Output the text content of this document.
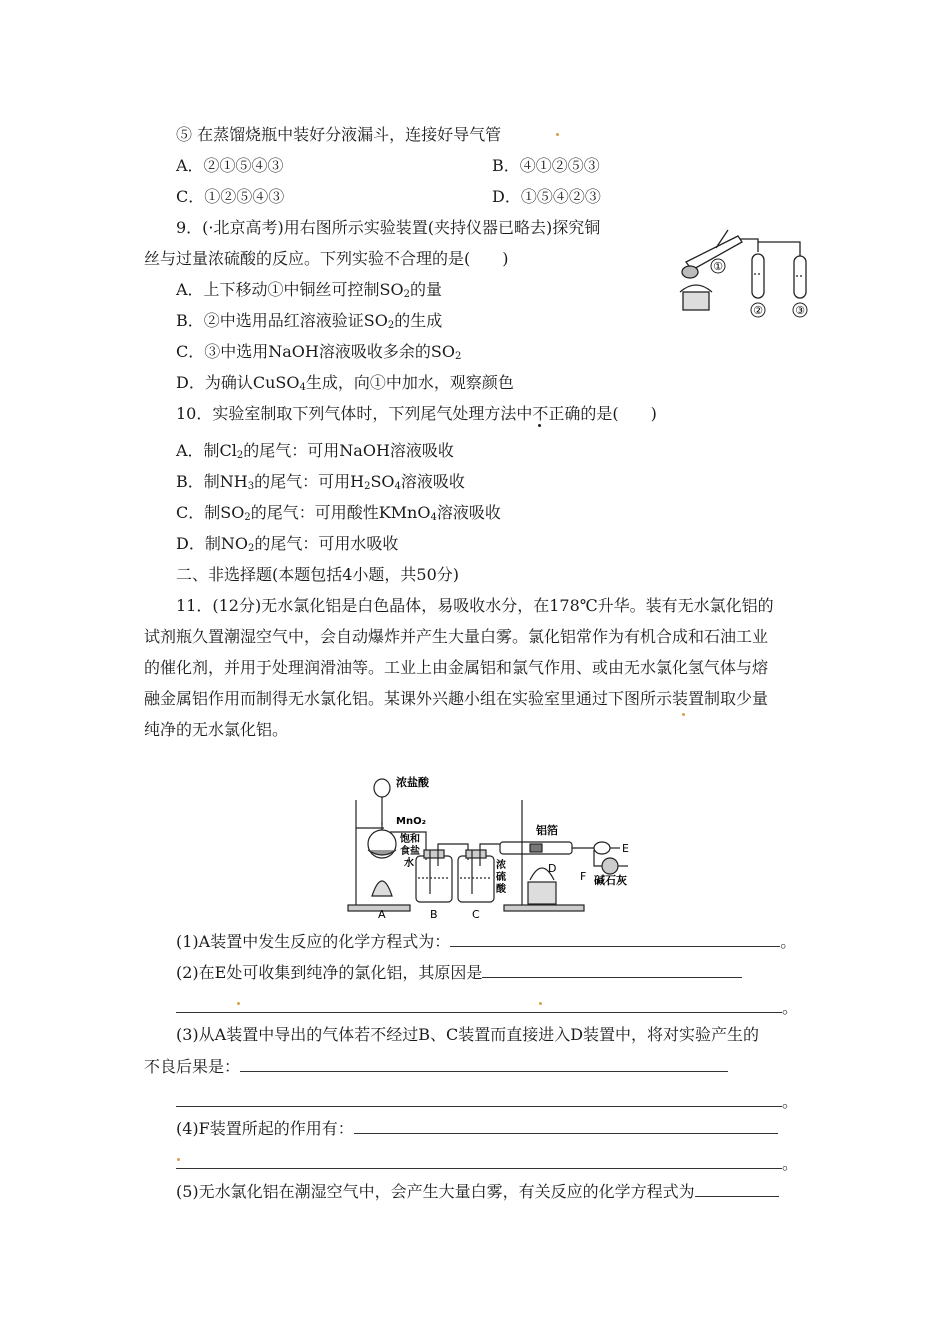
⑤ 在蒸馏烧瓶中装好分液漏斗，连接好导气管
A．②①⑤④③	B．④①②⑤③
C．①②⑤④③	D．①⑤④②③
9．(·北京高考)用右图所示实验装置(夹持仪器已略去)探究铜
丝与过量浓硫酸的反应。下列实验不合理的是(　　)
A．上下移动①中铜丝可控制$SO_2$的量
B．②中选用品红溶液验证$SO_2$的生成
C．③中选用NaOH溶液吸收多余的$SO_2$
D．为确认CuSO$_4$生成，向①中加水，观察颜色
①
②	③
10．实验室制取下列气体时，下列尾气处理方法中不
正确的是(　　)
A．制$Cl_2$的尾气：可用NaOH溶液吸收
B．制$NH_3$的尾气：可用$H_2SO_4$溶液吸收
C．制$SO_2$的尾气：可用酸性KMnO$_4$溶液吸收
D．制$NO_2$的尾气：可用水吸收
二、非选择题(本题包括4小题，共50分)
11．(12分)无水氯化铝是白色晶体，易吸收水分，在178℃升华。装有无水氯化铝的
试剂瓶久置潮湿空气中，会自动爆炸并产生大量白雾。氯化铝常作为有机合成和石油工业
的催化剂，并用于处理润滑油等。工业上由金属铝和氯气作用、或由无水氯化氢气体与熔
融金属铝作用而制得无水氯化铝。某课外兴趣小组在实验室里通过下图所示装置制取少量
纯净的无水氯化铝。
浓盐酸
MnO₂
饱和
食盐
水	浓
硫
酸
铝箔
碱石灰
A	B	C
D
E
F
(1)A装置中发生反应的化学方程式为：	。
(2)在E处可收集到纯净的氯化铝，其原因是
。
(3)从A装置中导出的气体若不经过B、C装置而直接进入D装置中，将对实验产生的
不良后果是：
。
(4)F装置所起的作用有：
。
(5)无水氯化铝在潮湿空气中，会产生大量白雾，有关反应的化学方程式为
